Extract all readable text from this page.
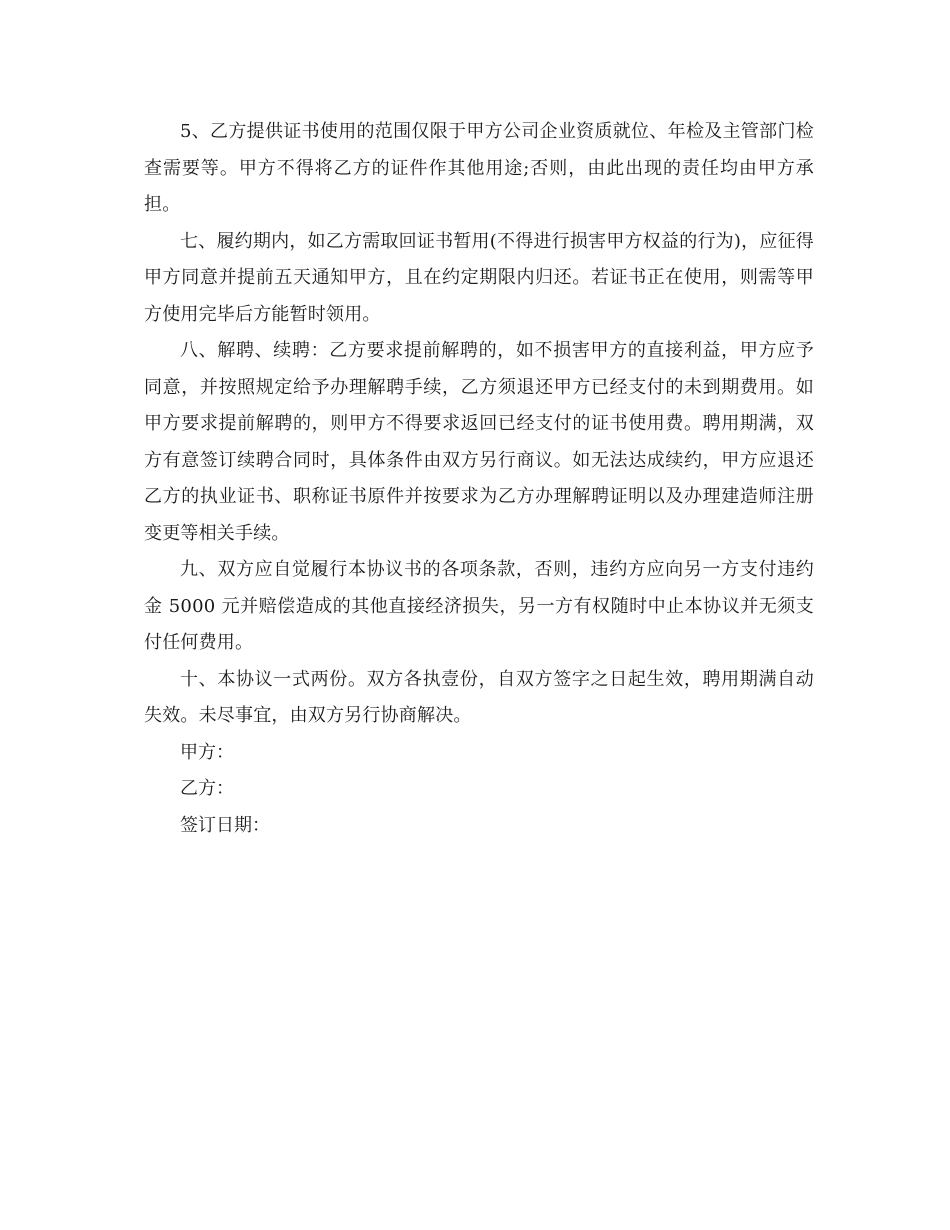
5、乙方提供证书使用的范围仅限于甲方公司企业资质就位、年检及主管部门检查需要等。甲方不得将乙方的证件作其他用途;否则，由此出现的责任均由甲方承担。

七、履约期内，如乙方需取回证书暂用(不得进行损害甲方权益的行为)，应征得甲方同意并提前五天通知甲方，且在约定期限内归还。若证书正在使用，则需等甲方使用完毕后方能暂时领用。

八、解聘、续聘：乙方要求提前解聘的，如不损害甲方的直接利益，甲方应予同意，并按照规定给予办理解聘手续，乙方须退还甲方已经支付的未到期费用。如甲方要求提前解聘的，则甲方不得要求返回已经支付的证书使用费。聘用期满，双方有意签订续聘合同时，具体条件由双方另行商议。如无法达成续约，甲方应退还乙方的执业证书、职称证书原件并按要求为乙方办理解聘证明以及办理建造师注册变更等相关手续。

九、双方应自觉履行本协议书的各项条款，否则，违约方应向另一方支付违约金 5000 元并赔偿造成的其他直接经济损失，另一方有权随时中止本协议并无须支付任何费用。

十、本协议一式两份。双方各执壹份，自双方签字之日起生效，聘用期满自动失效。未尽事宜，由双方另行协商解决。

甲方：

乙方：

签订日期：
